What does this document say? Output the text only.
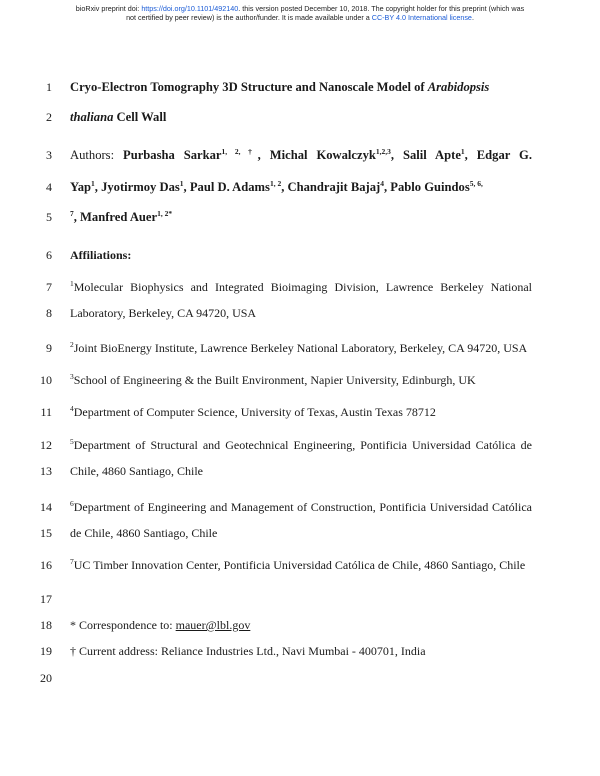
bioRxiv preprint doi: https://doi.org/10.1101/492140. this version posted December 10, 2018. The copyright holder for this preprint (which was
not certified by peer review) is the author/funder. It is made available under a CC-BY 4.0 International license.
1
2
3
4
5
6
7
8
9
10
11
12
13
14
15
16
17
18
19
20
Cryo-Electron Tomography 3D Structure and Nanoscale Model of Arabidopsis
thaliana Cell Wall
Authors: Purbasha Sarkar$^{1, 2, \dagger}$, Michal Kowalczyk$^{1,2,3}$, Salil Apte$^1$, Edgar G.
Yap$^1$, Jyotirmoy Das$^1$, Paul D. Adams$^{1, 2}$, Chandrajit Bajaj$^4$, Pablo Guindos$^{5, 6,}$
$^7$, Manfred Auer$^{1, 2*}$
Affiliations:
$^1$Molecular Biophysics and Integrated Bioimaging Division, Lawrence Berkeley National
Laboratory, Berkeley, CA 94720, USA
$^2$Joint BioEnergy Institute, Lawrence Berkeley National Laboratory, Berkeley, CA 94720, USA
$^3$School of Engineering & the Built Environment, Napier University, Edinburgh, UK
$^4$Department of Computer Science, University of Texas, Austin Texas 78712
$^5$Department of Structural and Geotechnical Engineering, Pontificia Universidad Católica de
Chile, 4860 Santiago, Chile
$^6$Department of Engineering and Management of Construction, Pontificia Universidad Católica
de Chile, 4860 Santiago, Chile
$^7$UC Timber Innovation Center, Pontificia Universidad Católica de Chile, 4860 Santiago, Chile
* Correspondence to: mauer@lbl.gov
† Current address: Reliance Industries Ltd., Navi Mumbai - 400701, India
